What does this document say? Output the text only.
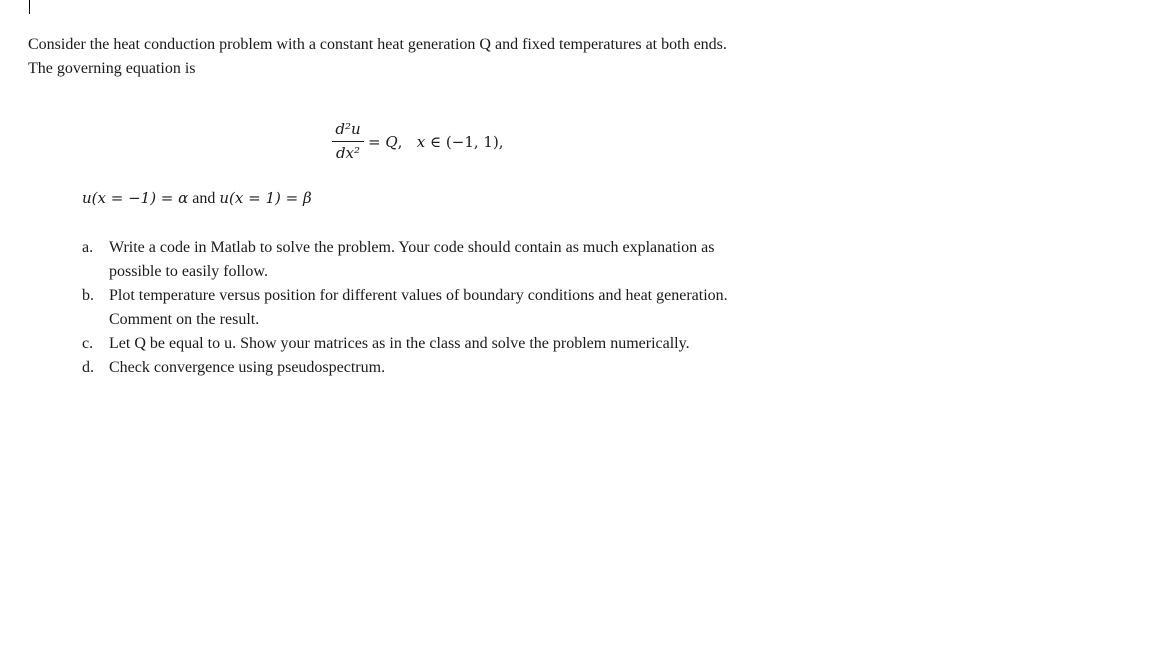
Consider the heat conduction problem with a constant heat generation Q and fixed temperatures at both ends. The governing equation is

$\frac{\text{d²u}}{\text{dx²}} = Q$, x ∈ (−1, 1),
u(x = −1) = α and u(x = 1) = β
a. Write a code in Matlab to solve the problem. Your code should contain as much explanation as possible to easily follow.
b. Plot temperature versus position for different values of boundary conditions and heat generation. Comment on the result.
c. Let Q be equal to u. Show your matrices as in the class and solve the problem numerically.
d. Check convergence using pseudospectrum.
